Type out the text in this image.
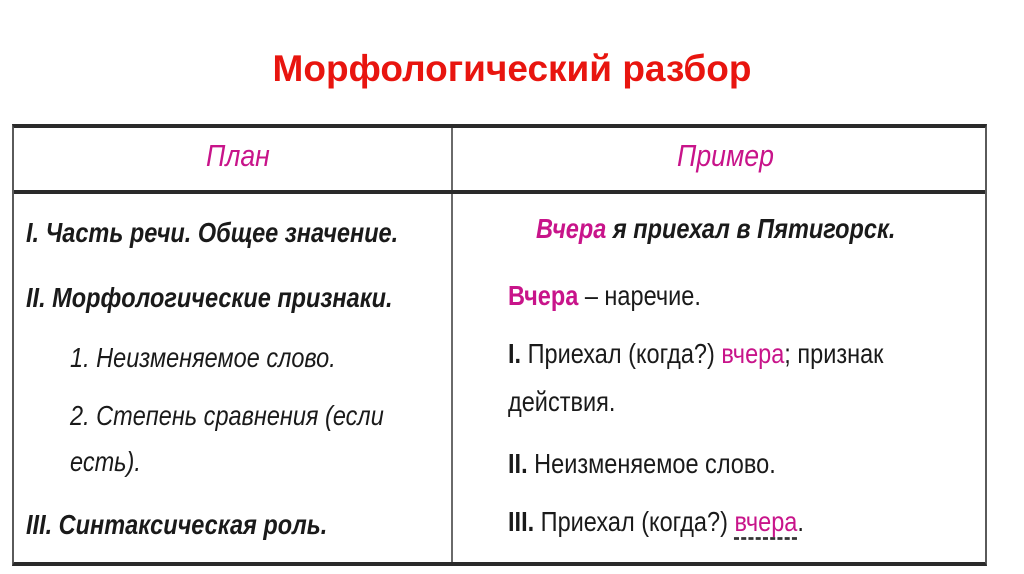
Морфологический разбор
План	Пример
I. Часть речи. Общее значение.
II. Морфологические признаки.
1. Неизменяемое слово.
2. Степень сравнения (если
есть).
III. Синтаксическая роль.
Вчера я приехал в Пятигорск.
Вчера – наречие.
I. Приехал (когда?) вчера; признак
действия.
II. Неизменяемое слово.
III. Приехал (когда?) вчера.
